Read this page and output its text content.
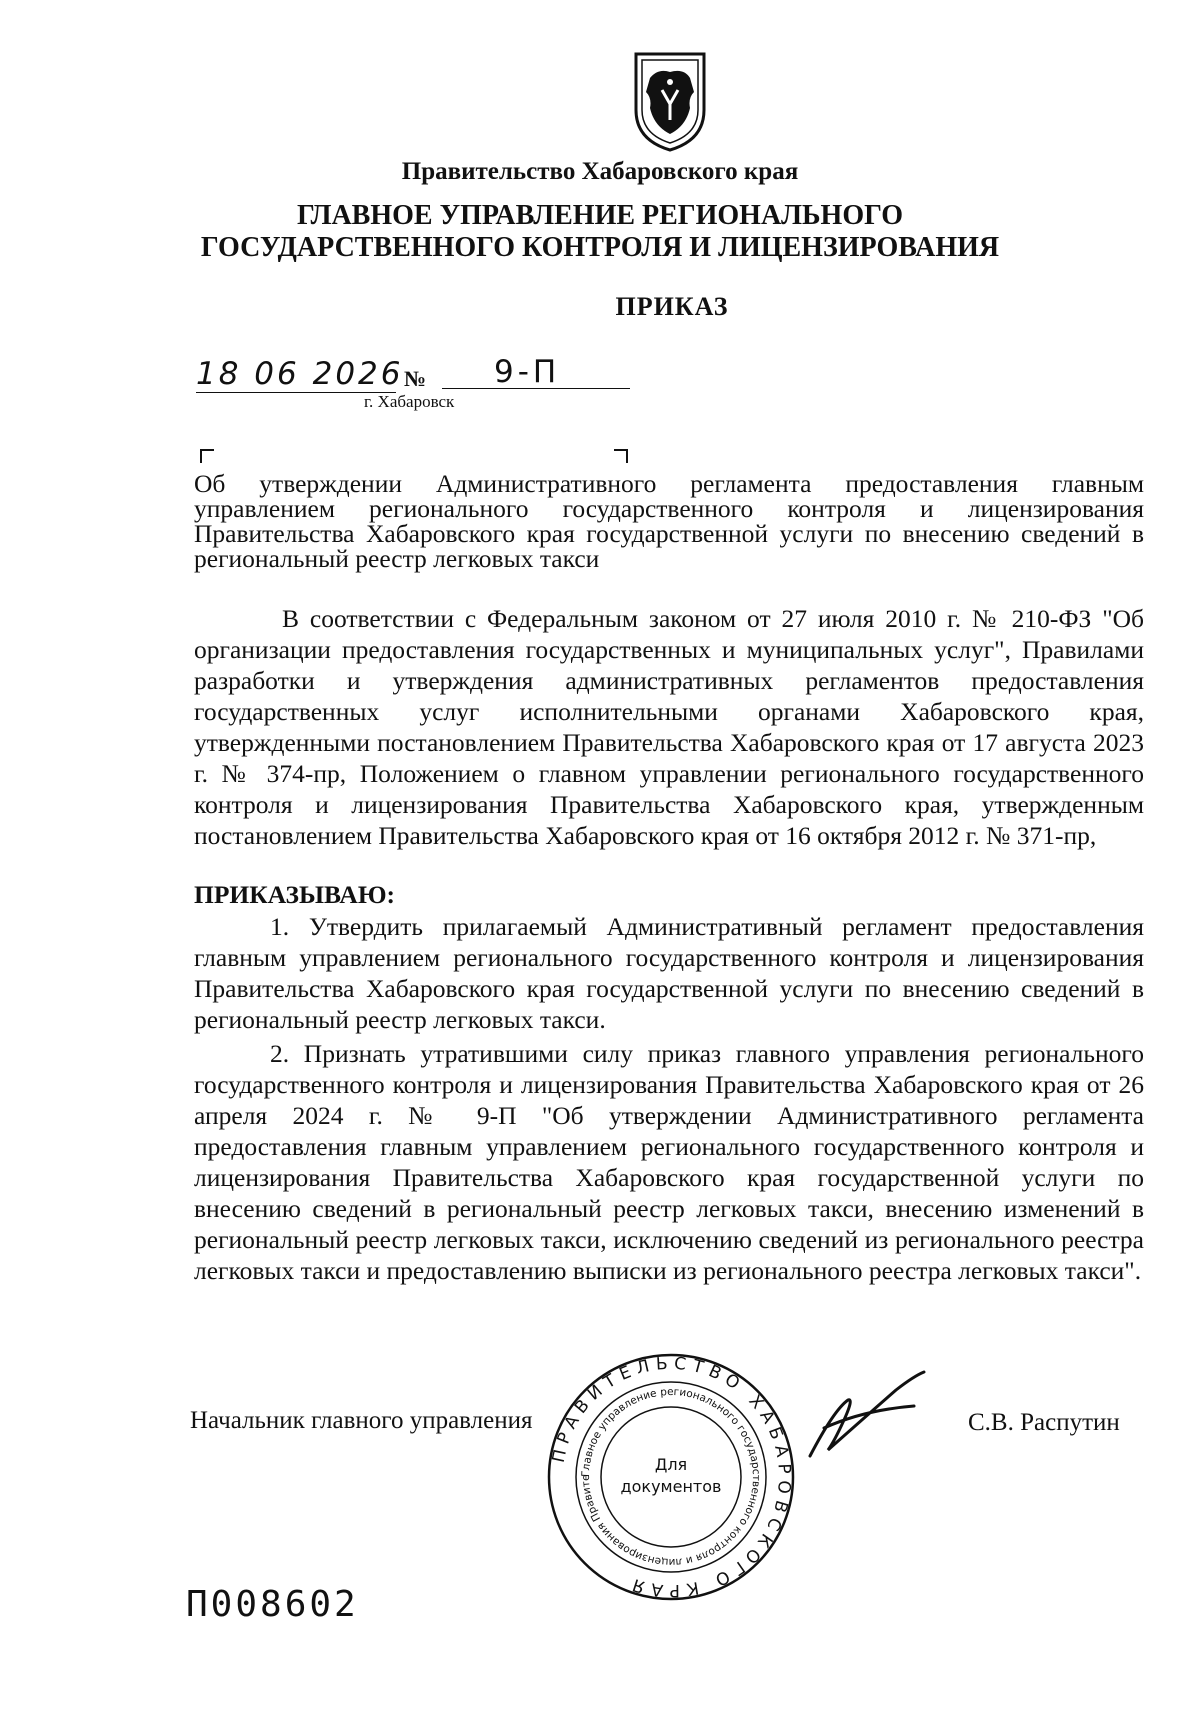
Правительство Хабаровского края
ГЛАВНОЕ УПРАВЛЕНИЕ РЕГИОНАЛЬНОГО
ГОСУДАРСТВЕННОГО КОНТРОЛЯ И ЛИЦЕНЗИРОВАНИЯ
ПРИКАЗ
18 06 2026 № 9-П
г. Хабаровск
Об утверждении Административного регламента предоставления главным управлением регионального государственного контроля и лицензирования Правительства Хабаровского края государственной услуги по внесению сведений в региональный реестр легковых такси
В соответствии с Федеральным законом от 27 июля 2010 г. № 210-ФЗ "Об организации предоставления государственных и муниципальных услуг", Правилами разработки и утверждения административных регламентов предоставления государственных услуг исполнительными органами Хабаровского края, утвержденными постановлением Правительства Хабаровского края от 17 августа 2023 г. № 374-пр, Положением о главном управлении регионального государственного контроля и лицензирования Правительства Хабаровского края, утвержденным постановлением Правительства Хабаровского края от 16 октября 2012 г. № 371-пр,
ПРИКАЗЫВАЮ:
1. Утвердить прилагаемый Административный регламент предоставления главным управлением регионального государственного контроля и лицензирования Правительства Хабаровского края государственной услуги по внесению сведений в региональный реестр легковых такси.
2. Признать утратившими силу приказ главного управления регионального государственного контроля и лицензирования Правительства Хабаровского края от 26 апреля 2024 г. № 9-П "Об утверждении Административного регламента предоставления главным управлением регионального государственного контроля и лицензирования Правительства Хабаровского края государственной услуги по внесению сведений в региональный реестр легковых такси, внесению изменений в региональный реестр легковых такси, исключению сведений из регионального реестра легковых такси и предоставлению выписки из регионального реестра легковых такси".
Начальник главного управления	С.В. Распутин
ПРАВИТЕЛЬСТВО ХАБАРОВСКОГО КРАЯ
Главное управление регионального государственного контроля и лицензирования Правите
Для
документов
П008602
